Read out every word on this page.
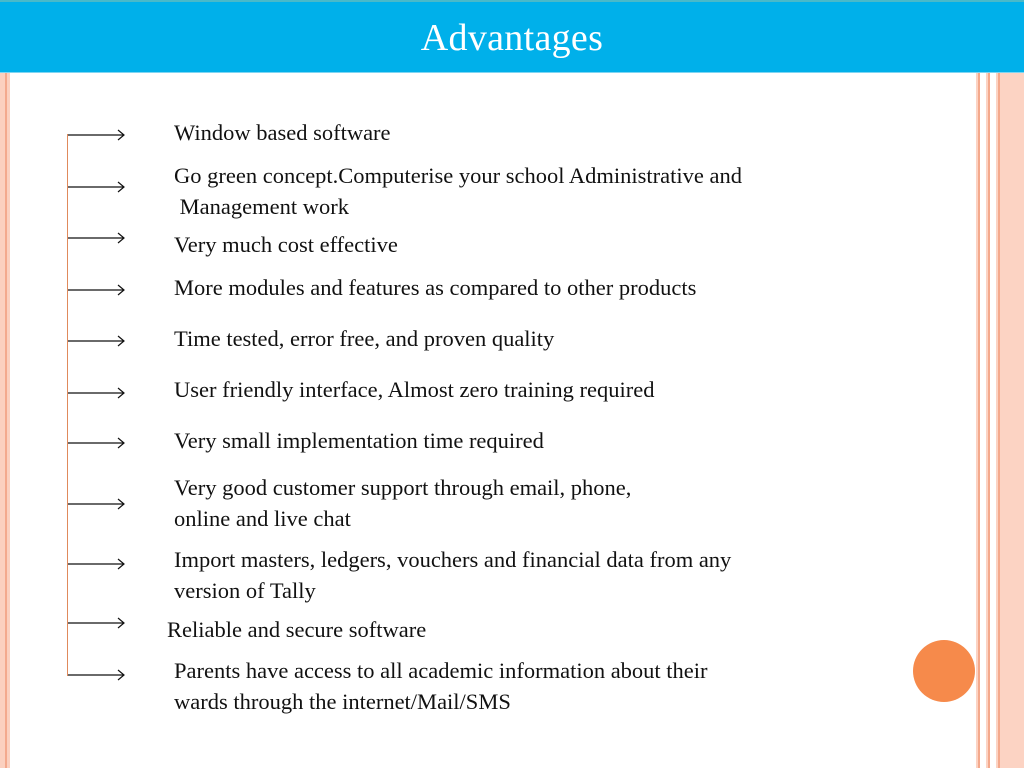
Advantages
Window based software
Go green concept.Computerise your school Administrative and
Management work
Very much cost effective
More modules and features as compared to other products
Time tested, error free, and proven quality
User friendly interface, Almost zero training required
Very small implementation time required
Very good customer support through email, phone,
online and live chat
Import masters, ledgers, vouchers and financial data from any
version of Tally
Reliable and secure software
Parents have access to all academic information about their
wards through the internet/Mail/SMS
